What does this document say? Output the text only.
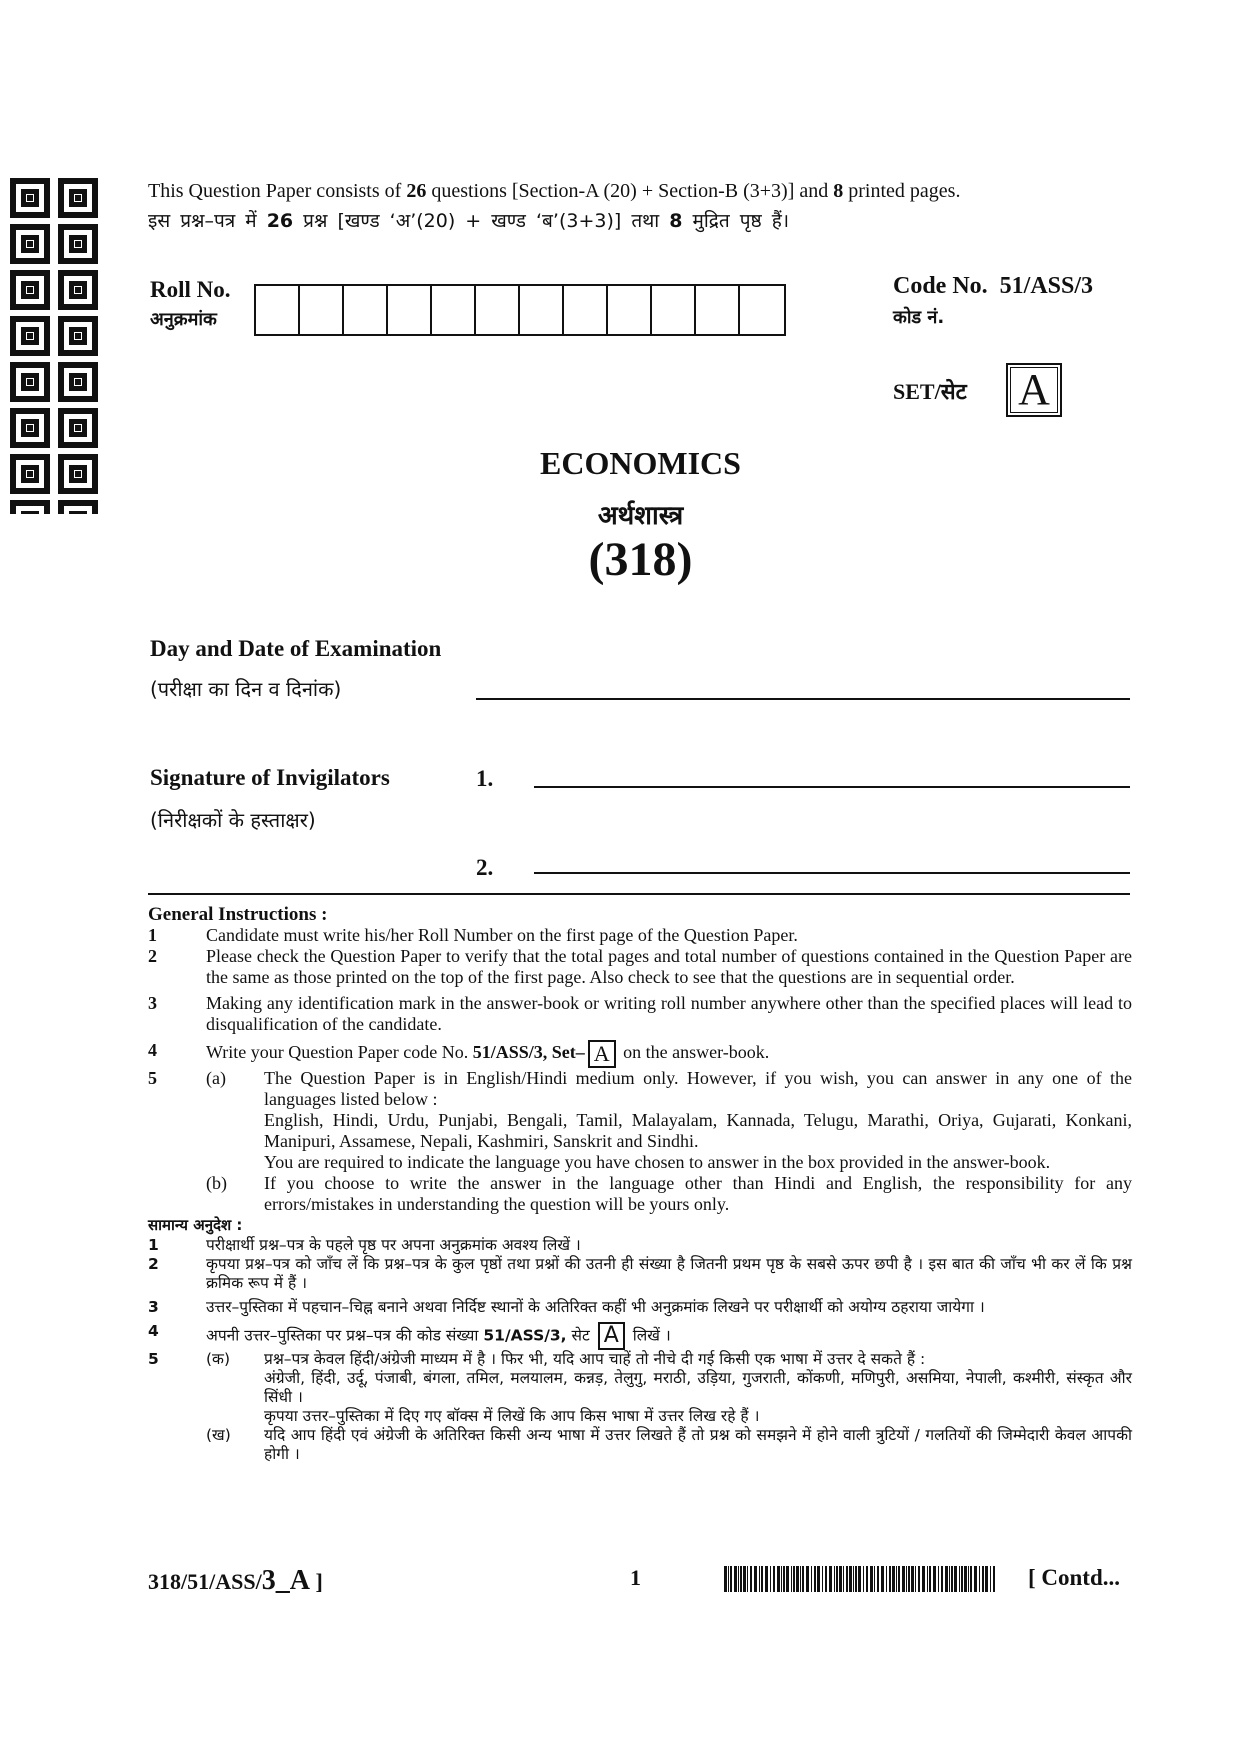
This Question Paper consists of 26 questions [Section-A (20) + Section-B (3+3)] and 8 printed pages.
इस प्रश्न–पत्र में 26 प्रश्न [खण्ड ‘अ’(20) + खण्ड ‘ब’(3+3)] तथा 8 मुद्रित पृष्ठ हैं।
Roll No.
अनुक्रमांक
Code No. 51/ASS/3
कोड नं.
SET/सेट A
ECONOMICS
अर्थशास्त्र
(318)
Day and Date of Examination
(परीक्षा का दिन व दिनांक)
Signature of Invigilators
(निरीक्षकों के हस्ताक्षर)
1.
2.
General Instructions :
1	Candidate must write his/her Roll Number on the first page of the Question Paper.
2	Please check the Question Paper to verify that the total pages and total number of questions contained in the Question Paper are the same as those printed on the top of the first page. Also check to see that the questions are in sequential order.
3	Making any identification mark in the answer-book or writing roll number anywhere other than the specified places will lead to disqualification of the candidate.
4	Write your Question Paper code No. 51/ASS/3, Set– A on the answer-book.
5	(a)	The Question Paper is in English/Hindi medium only. However, if you wish, you can answer in any one of the languages listed below :
English, Hindi, Urdu, Punjabi, Bengali, Tamil, Malayalam, Kannada, Telugu, Marathi, Oriya, Gujarati, Konkani, Manipuri, Assamese, Nepali, Kashmiri, Sanskrit and Sindhi.
You are required to indicate the language you have chosen to answer in the box provided in the answer-book.
(b)	If you choose to write the answer in the language other than Hindi and English, the responsibility for any errors/mistakes in understanding the question will be yours only.
सामान्य अनुदेश :
1	परीक्षार्थी प्रश्न–पत्र के पहले पृष्ठ पर अपना अनुक्रमांक अवश्य लिखें ।
2	कृपया प्रश्न–पत्र को जाँच लें कि प्रश्न–पत्र के कुल पृष्ठों तथा प्रश्नों की उतनी ही संख्या है जितनी प्रथम पृष्ठ के सबसे ऊपर छपी है । इस बात की जाँच भी कर लें कि प्रश्न क्रमिक रूप में हैं ।
3	उत्तर–पुस्तिका में पहचान–चिह्न बनाने अथवा निर्दिष्ट स्थानों के अतिरिक्त कहीं भी अनुक्रमांक लिखने पर परीक्षार्थी को अयोग्य ठहराया जायेगा ।
4	अपनी उत्तर–पुस्तिका पर प्रश्न–पत्र की कोड संख्या 51/ASS/3, सेट A लिखें ।
5	(क)	प्रश्न–पत्र केवल हिंदी/अंग्रेजी माध्यम में है । फिर भी, यदि आप चाहें तो नीचे दी गई किसी एक भाषा में उत्तर दे सकते हैं :
अंग्रेजी, हिंदी, उर्दू, पंजाबी, बंगला, तमिल, मलयालम, कन्नड़, तेलुगु, मराठी, उड़िया, गुजराती, कोंकणी, मणिपुरी, असमिया, नेपाली, कश्मीरी, संस्कृत और सिंधी ।
कृपया उत्तर–पुस्तिका में दिए गए बॉक्स में लिखें कि आप किस भाषा में उत्तर लिख रहे हैं ।
(ख)	यदि आप हिंदी एवं अंग्रेजी के अतिरिक्त किसी अन्य भाषा में उत्तर लिखते हैं तो प्रश्न को समझने में होने वाली त्रुटियों / गलतियों की जिम्मेदारी केवल आपकी होगी ।
318/51/ASS/3_A ]	1	[ Contd...
